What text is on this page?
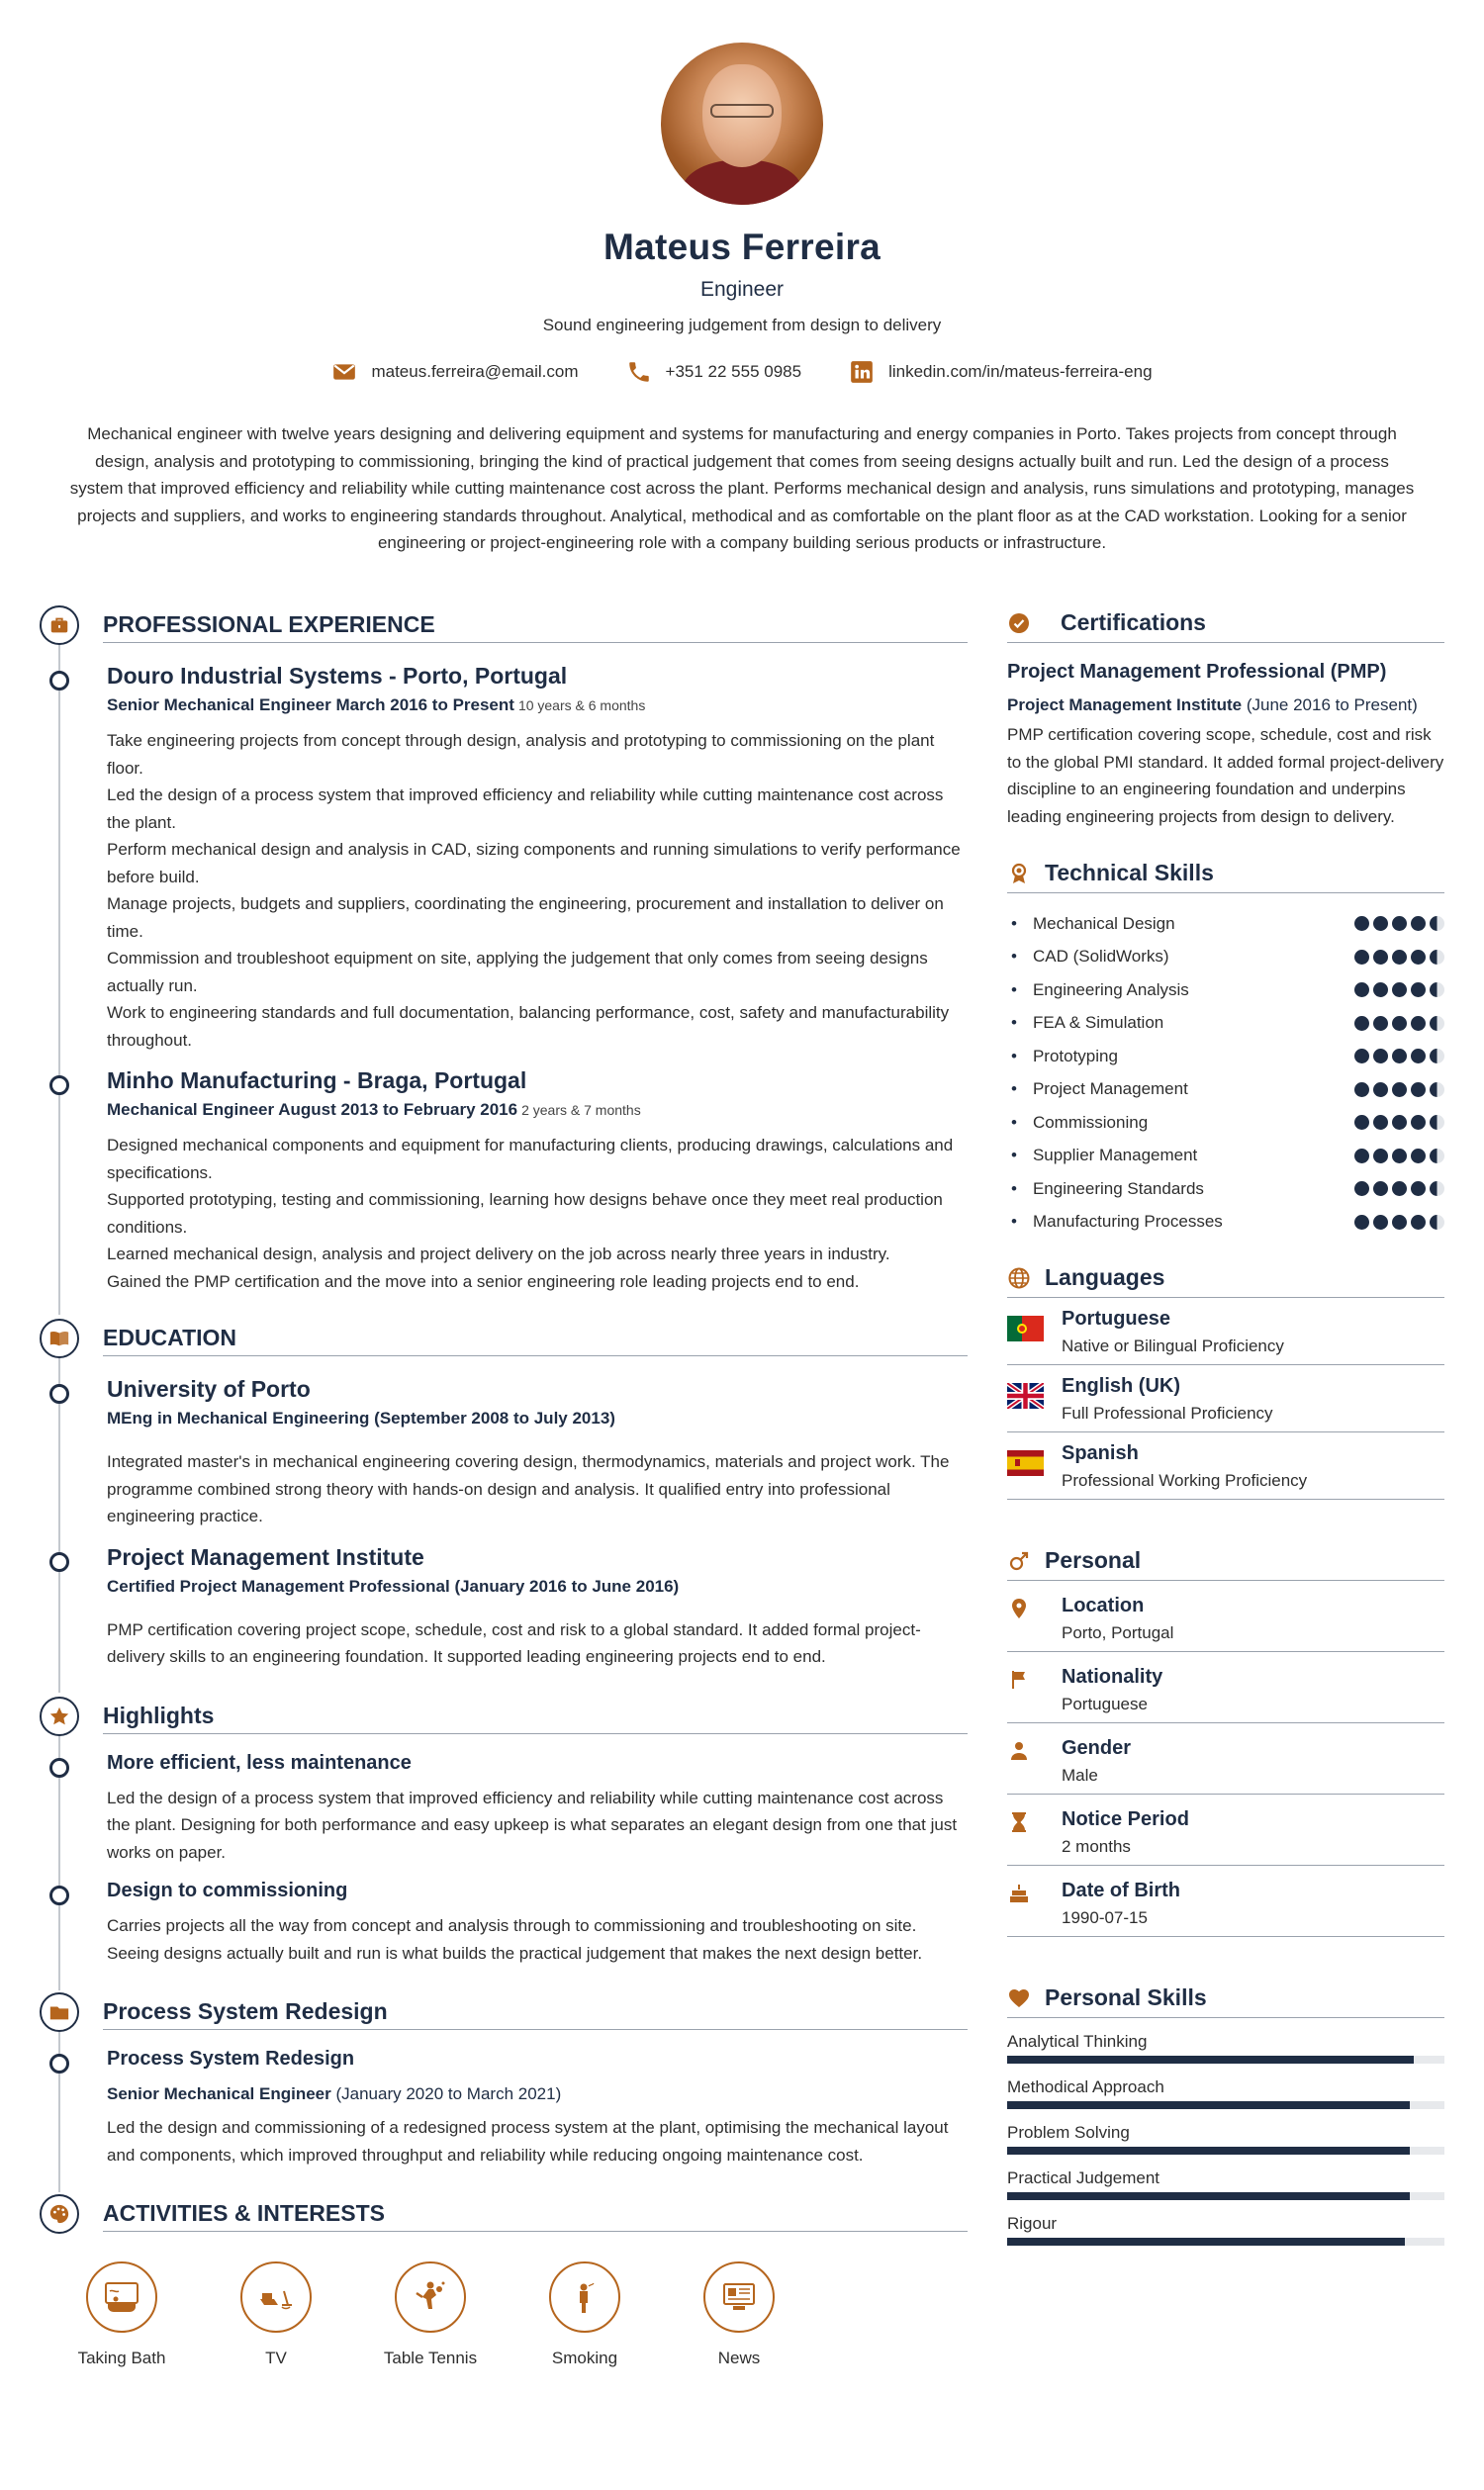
Mateus Ferreira
Engineer
Sound engineering judgement from design to delivery
mateus.ferreira@email.com	+351 22 555 0985	linkedin.com/in/mateus-ferreira-eng
Mechanical engineer with twelve years designing and delivering equipment and systems for manufacturing and energy companies in Porto. Takes projects from concept through design, analysis and prototyping to commissioning, bringing the kind of practical judgement that comes from seeing designs actually built and run. Led the design of a process system that improved efficiency and reliability while cutting maintenance cost across the plant. Performs mechanical design and analysis, runs simulations and prototyping, manages projects and suppliers, and works to engineering standards throughout. Analytical, methodical and as comfortable on the plant floor as at the CAD workstation. Looking for a senior engineering or project-engineering role with a company building serious products or infrastructure.
PROFESSIONAL EXPERIENCE
Douro Industrial Systems - Porto, Portugal
Senior Mechanical Engineer March 2016 to Present 10 years & 6 months
Take engineering projects from concept through design, analysis and prototyping to commissioning on the plant floor.
Led the design of a process system that improved efficiency and reliability while cutting maintenance cost across the plant.
Perform mechanical design and analysis in CAD, sizing components and running simulations to verify performance before build.
Manage projects, budgets and suppliers, coordinating the engineering, procurement and installation to deliver on time.
Commission and troubleshoot equipment on site, applying the judgement that only comes from seeing designs actually run.
Work to engineering standards and full documentation, balancing performance, cost, safety and manufacturability throughout.
Minho Manufacturing - Braga, Portugal
Mechanical Engineer August 2013 to February 2016 2 years & 7 months
Designed mechanical components and equipment for manufacturing clients, producing drawings, calculations and specifications.
Supported prototyping, testing and commissioning, learning how designs behave once they meet real production conditions.
Learned mechanical design, analysis and project delivery on the job across nearly three years in industry.
Gained the PMP certification and the move into a senior engineering role leading projects end to end.
EDUCATION
University of Porto
MEng in Mechanical Engineering (September 2008 to July 2013)
Integrated master's in mechanical engineering covering design, thermodynamics, materials and project work. The programme combined strong theory with hands-on design and analysis. It qualified entry into professional engineering practice.
Project Management Institute
Certified Project Management Professional (January 2016 to June 2016)
PMP certification covering project scope, schedule, cost and risk to a global standard. It added formal project-delivery skills to an engineering foundation. It supported leading engineering projects end to end.
Highlights
More efficient, less maintenance
Led the design of a process system that improved efficiency and reliability while cutting maintenance cost across the plant. Designing for both performance and easy upkeep is what separates an elegant design from one that just works on paper.
Design to commissioning
Carries projects all the way from concept and analysis through to commissioning and troubleshooting on site. Seeing designs actually built and run is what builds the practical judgement that makes the next design better.
Process System Redesign
Process System Redesign
Senior Mechanical Engineer (January 2020 to March 2021)
Led the design and commissioning of a redesigned process system at the plant, optimising the mechanical layout and components, which improved throughput and reliability while reducing ongoing maintenance cost.
ACTIVITIES & INTERESTS
Taking Bath	TV	Table Tennis	Smoking	News
Certifications
Project Management Professional (PMP)
Project Management Institute (June 2016 to Present)
PMP certification covering scope, schedule, cost and risk to the global PMI standard. It added formal project-delivery discipline to an engineering foundation and underpins leading engineering projects from design to delivery.
Technical Skills
• Mechanical Design
• CAD (SolidWorks)
• Engineering Analysis
• FEA & Simulation
• Prototyping
• Project Management
• Commissioning
• Supplier Management
• Engineering Standards
• Manufacturing Processes
Languages
Portuguese
Native or Bilingual Proficiency
English (UK)
Full Professional Proficiency
Spanish
Professional Working Proficiency
Personal
Location
Porto, Portugal
Nationality
Portuguese
Gender
Male
Notice Period
2 months
Date of Birth
1990-07-15
Personal Skills
Analytical Thinking
Methodical Approach
Problem Solving
Practical Judgement
Rigour
